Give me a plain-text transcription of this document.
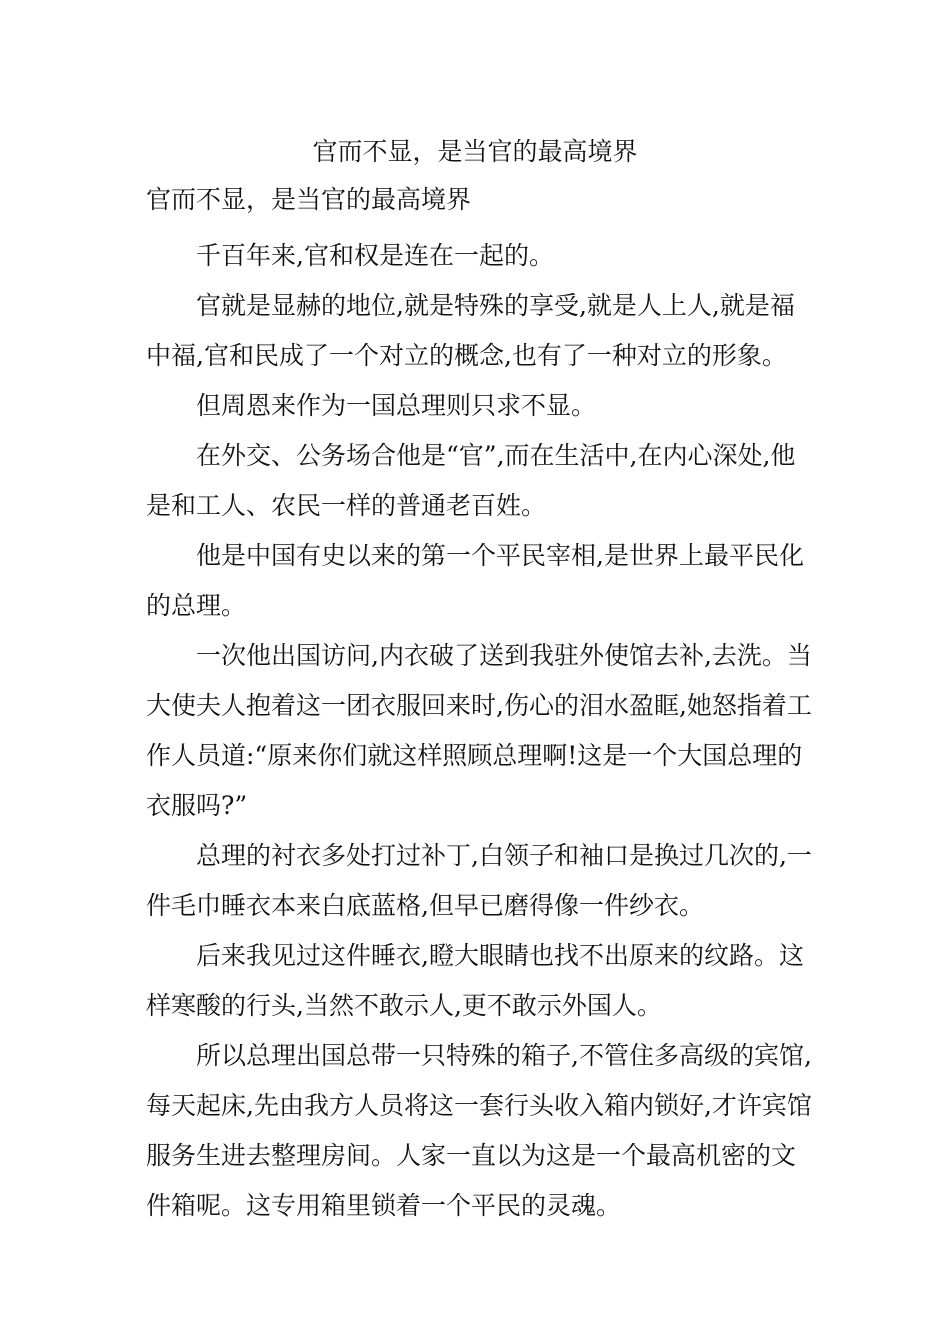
官而不显，是当官的最高境界

官而不显，是当官的最高境界

千百年来,官和权是连在一起的。

官就是显赫的地位,就是特殊的享受,就是人上人,就是福中福,官和民成了一个对立的概念,也有了一种对立的形象。

但周恩来作为一国总理则只求不显。

在外交、公务场合他是“官”,而在生活中,在内心深处,他是和工人、农民一样的普通老百姓。

他是中国有史以来的第一个平民宰相,是世界上最平民化的总理。

一次他出国访问,内衣破了送到我驻外使馆去补,去洗。当大使夫人抱着这一团衣服回来时,伤心的泪水盈眶,她怒指着工作人员道:“原来你们就这样照顾总理啊!这是一个大国总理的衣服吗?”

总理的衬衣多处打过补丁,白领子和袖口是换过几次的,一件毛巾睡衣本来白底蓝格,但早已磨得像一件纱衣。

后来我见过这件睡衣,瞪大眼睛也找不出原来的纹路。这样寒酸的行头,当然不敢示人,更不敢示外国人。

所以总理出国总带一只特殊的箱子,不管住多高级的宾馆,每天起床,先由我方人员将这一套行头收入箱内锁好,才许宾馆服务生进去整理房间。人家一直以为这是一个最高机密的文件箱呢。这专用箱里锁着一个平民的灵魂。
